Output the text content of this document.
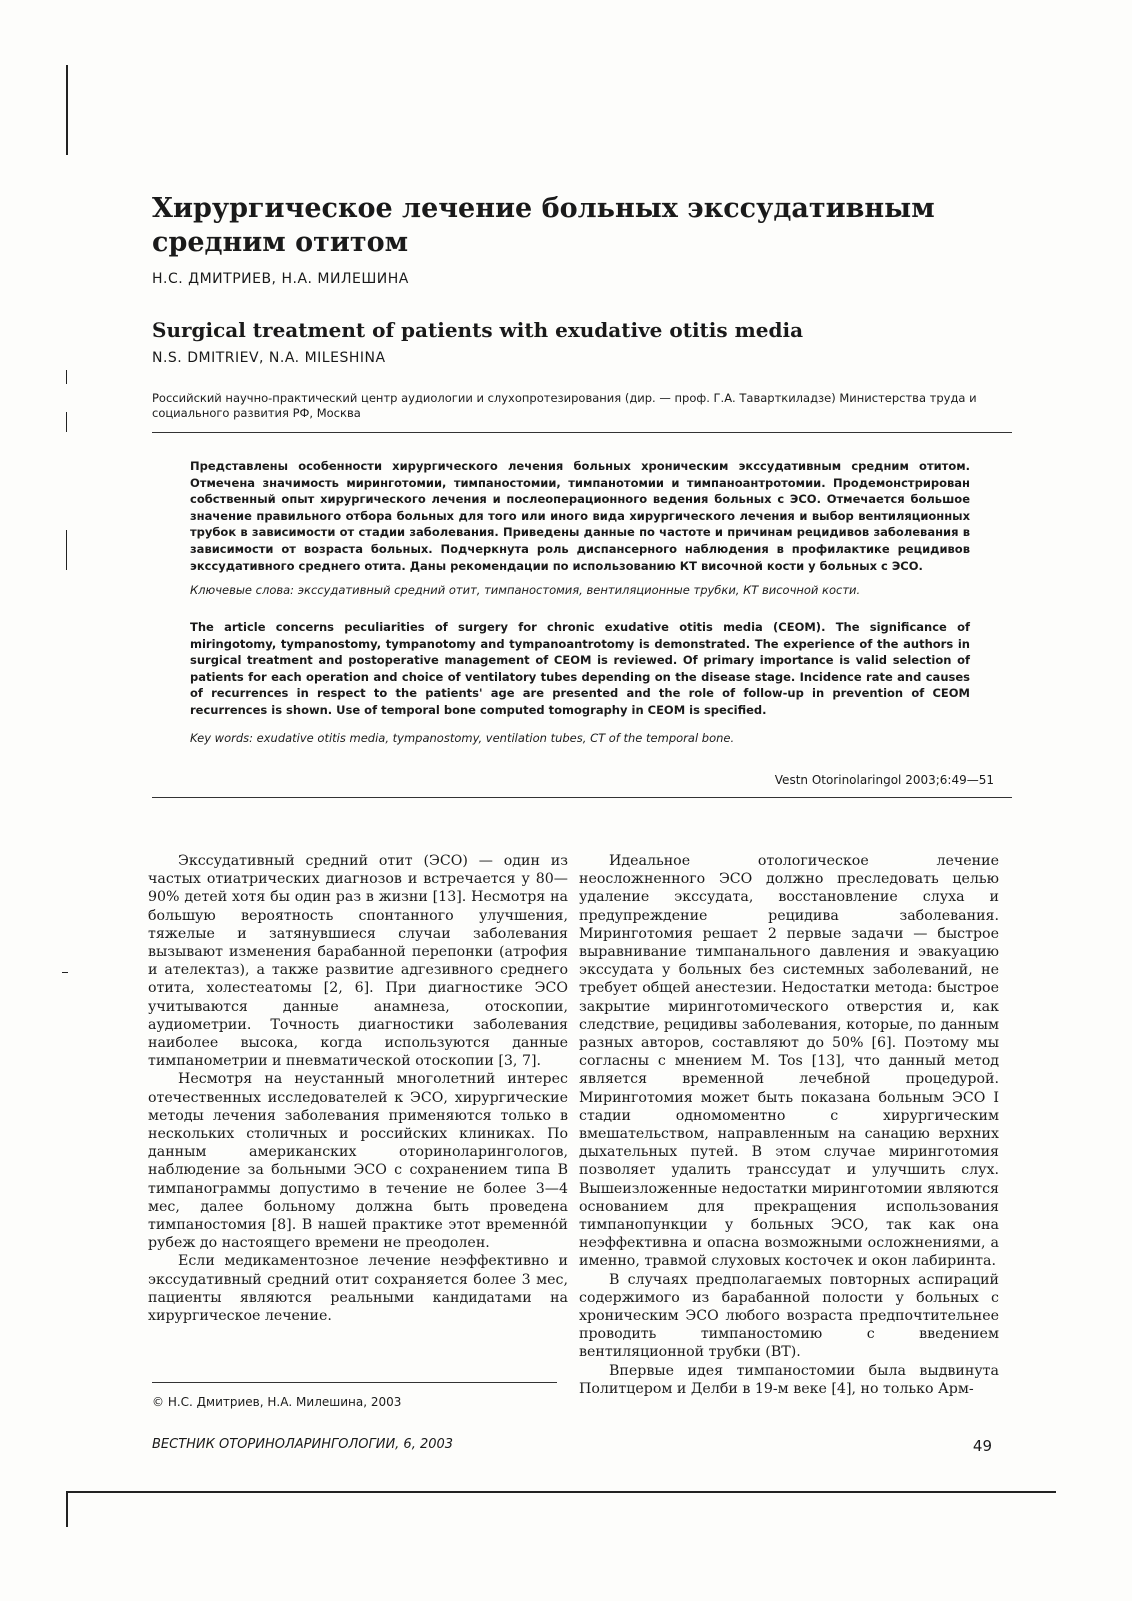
Хирургическое лечение больных экссудативным средним отитом
Н.С. ДМИТРИЕВ, Н.А. МИЛЕШИНА
Surgical treatment of patients with exudative otitis media
N.S. DMITRIEV, N.A. MILESHINA
Российский научно-практический центр аудиологии и слухопротезирования (дир. — проф. Г.А. Таварткиладзе) Министерства труда и социального развития РФ, Москва

Представлены особенности хирургического лечения больных хроническим экссудативным средним отитом. Отмечена значимость мирингoтомии, тимпаностомии, тимпанотомии и тимпаноантротомии. Продемонстрирован собственный опыт хирургического лечения и послеоперационного ведения больных с ЭСО. Отмечается большое значение правильного отбора больных для того или иного вида хирургического лечения и выбор вентиляционных трубок в зависимости от стадии заболевания. Приведены данные по частоте и причинам рецидивов заболевания в зависимости от возраста больных. Подчеркнута роль диспансерного наблюдения в профилактике рецидивов экссудативного среднего отита. Даны рекомендации по использованию КТ височной кости у больных с ЭСО.

Ключевые слова: экссудативный средний отит, тимпаностомия, вентиляционные трубки, КТ височной кости.

The article concerns peculiarities of surgery for chronic exudative otitis media (CEOM). The significance of miringotomy, tympanostomy, tympanotomy and tympanoantrotomy is demonstrated. The experience of the authors in surgical treatment and postoperative management of CEOM is reviewed. Of primary importance is valid selection of patients for each operation and choice of ventilatory tubes depending on the disease stage. Incidence rate and causes of recurrences in respect to the patients' age are presented and the role of follow-up in prevention of CEOM recurrences is shown. Use of temporal bone computed tomography in CEOM is specified.

Key words: exudative otitis media, tympanostomy, ventilation tubes, CT of the temporal bone.
Vestn Otorinolaringol 2003;6:49—51

Экссудативный средний отит (ЭСО) — один из частых отиатрических диагнозов и встречается у 80—90% детей хотя бы один раз в жизни [13]. Несмотря на большую вероятность спонтанного улучшения, тяжелые и затянувшиеся случаи заболевания вызывают изменения барабанной перепонки (атрофия и ателектаз), а также развитие адгезивного среднего отита, холестеатомы [2, 6]. При диагностике ЭСО учитываются данные анамнеза, отоскопии, аудиометрии. Точность диагностики заболевания наиболее высока, когда используются данные тимпанометрии и пневматической отоскопии [3, 7].

Несмотря на неустанный многолетний интерес отечественных исследователей к ЭСО, хирургические методы лечения заболевания применяются только в нескольких столичных и российских клиниках. По данным американских оториноларингологов, наблюдение за больными ЭСО с сохранением типа В тимпанограммы допустимо в течение не более 3—4 мес, далее больному должна быть проведена тимпаностомия [8]. В нашей практике этот временно́й рубеж до настоящего времени не преодолен.

Если медикаментозное лечение неэффективно и экссудативный средний отит сохраняется более 3 мес, пациенты являются реальными кандидатами на хирургическое лечение.

Идеальное отологическое лечение неосложненного ЭСО должно преследовать целью удаление экссудата, восстановление слуха и предупреждение рецидива заболевания. Миринготомия решает 2 первые задачи — быстрое выравнивание тимпанального давления и эвакуацию экссудата у больных без системных заболеваний, не требует общей анестезии. Недостатки метода: быстрое закрытие миринготомического отверстия и, как следствие, рецидивы заболевания, которые, по данным разных авторов, составляют до 50% [6]. Поэтому мы согласны с мнением M. Tos [13], что данный метод является временной лечебной процедурой. Миринготомия может быть показана больным ЭСО I стадии одномоментно с хирургическим вмешательством, направленным на санацию верхних дыхательных путей. В этом случае миринготомия позволяет удалить транссудат и улучшить слух. Вышеизложенные недостатки миринготомии являются основанием для прекращения использования тимпанопункции у больных ЭСО, так как она неэффективна и опасна возможными осложнениями, а именно, травмой слуховых косточек и окон лабиринта.

В случаях предполагаемых повторных аспираций содержимого из барабанной полости у больных с хроническим ЭСО любого возраста предпочтительнее проводить тимпаностомию с введением вентиляционной трубки (ВТ).

Впервые идея тимпаностомии была выдвинута Политцером и Делби в 19-м веке [4], но только Арм-

© Н.С. Дмитриев, Н.А. Милешина, 2003
ВЕСТНИК ОТОРИНОЛАРИНГОЛОГИИ, 6, 2003	49
